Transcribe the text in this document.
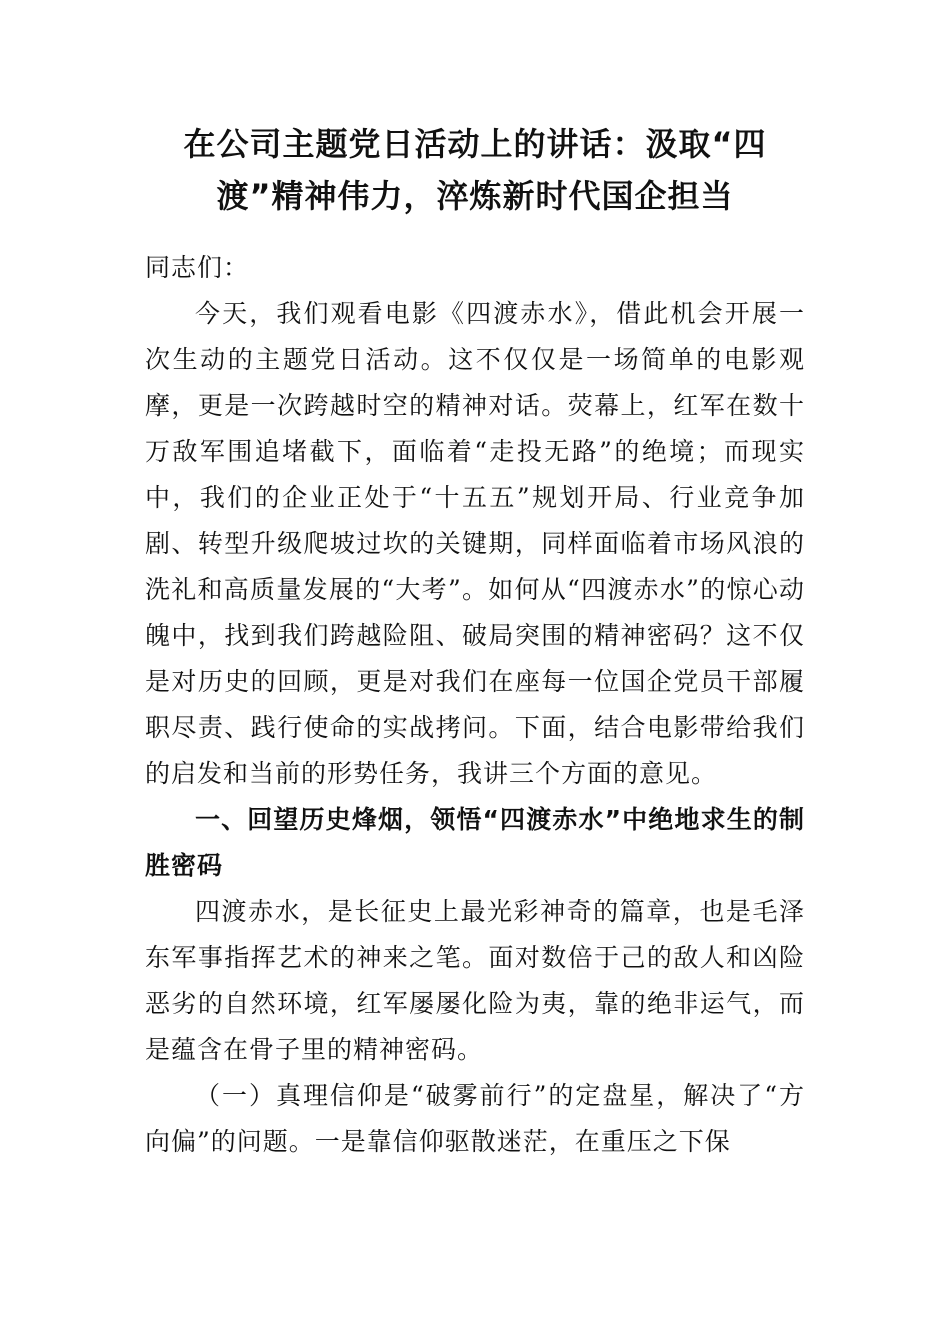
在公司主题党日活动上的讲话：汲取“四渡”精神伟力，淬炼新时代国企担当

同志们：

今天，我们观看电影《四渡赤水》，借此机会开展一次生动的主题党日活动。这不仅仅是一场简单的电影观摩，更是一次跨越时空的精神对话。荧幕上，红军在数十万敌军围追堵截下，面临着“走投无路”的绝境；而现实中，我们的企业正处于“十五五”规划开局、行业竞争加剧、转型升级爬坡过坎的关键期，同样面临着市场风浪的洗礼和高质量发展的“大考”。如何从“四渡赤水”的惊心动魄中，找到我们跨越险阻、破局突围的精神密码？这不仅是对历史的回顾，更是对我们在座每一位国企党员干部履职尽责、践行使命的实战拷问。下面，结合电影带给我们的启发和当前的形势任务，我讲三个方面的意见。

一、回望历史烽烟，领悟“四渡赤水”中绝地求生的制胜密码

四渡赤水，是长征史上最光彩神奇的篇章，也是毛泽东军事指挥艺术的神来之笔。面对数倍于己的敌人和凶险恶劣的自然环境，红军屡屡化险为夷，靠的绝非运气，而是蕴含在骨子里的精神密码。

（一）真理信仰是“破雾前行”的定盘星，解决了“方向偏”的问题。一是靠信仰驱散迷茫，在重压之下保
